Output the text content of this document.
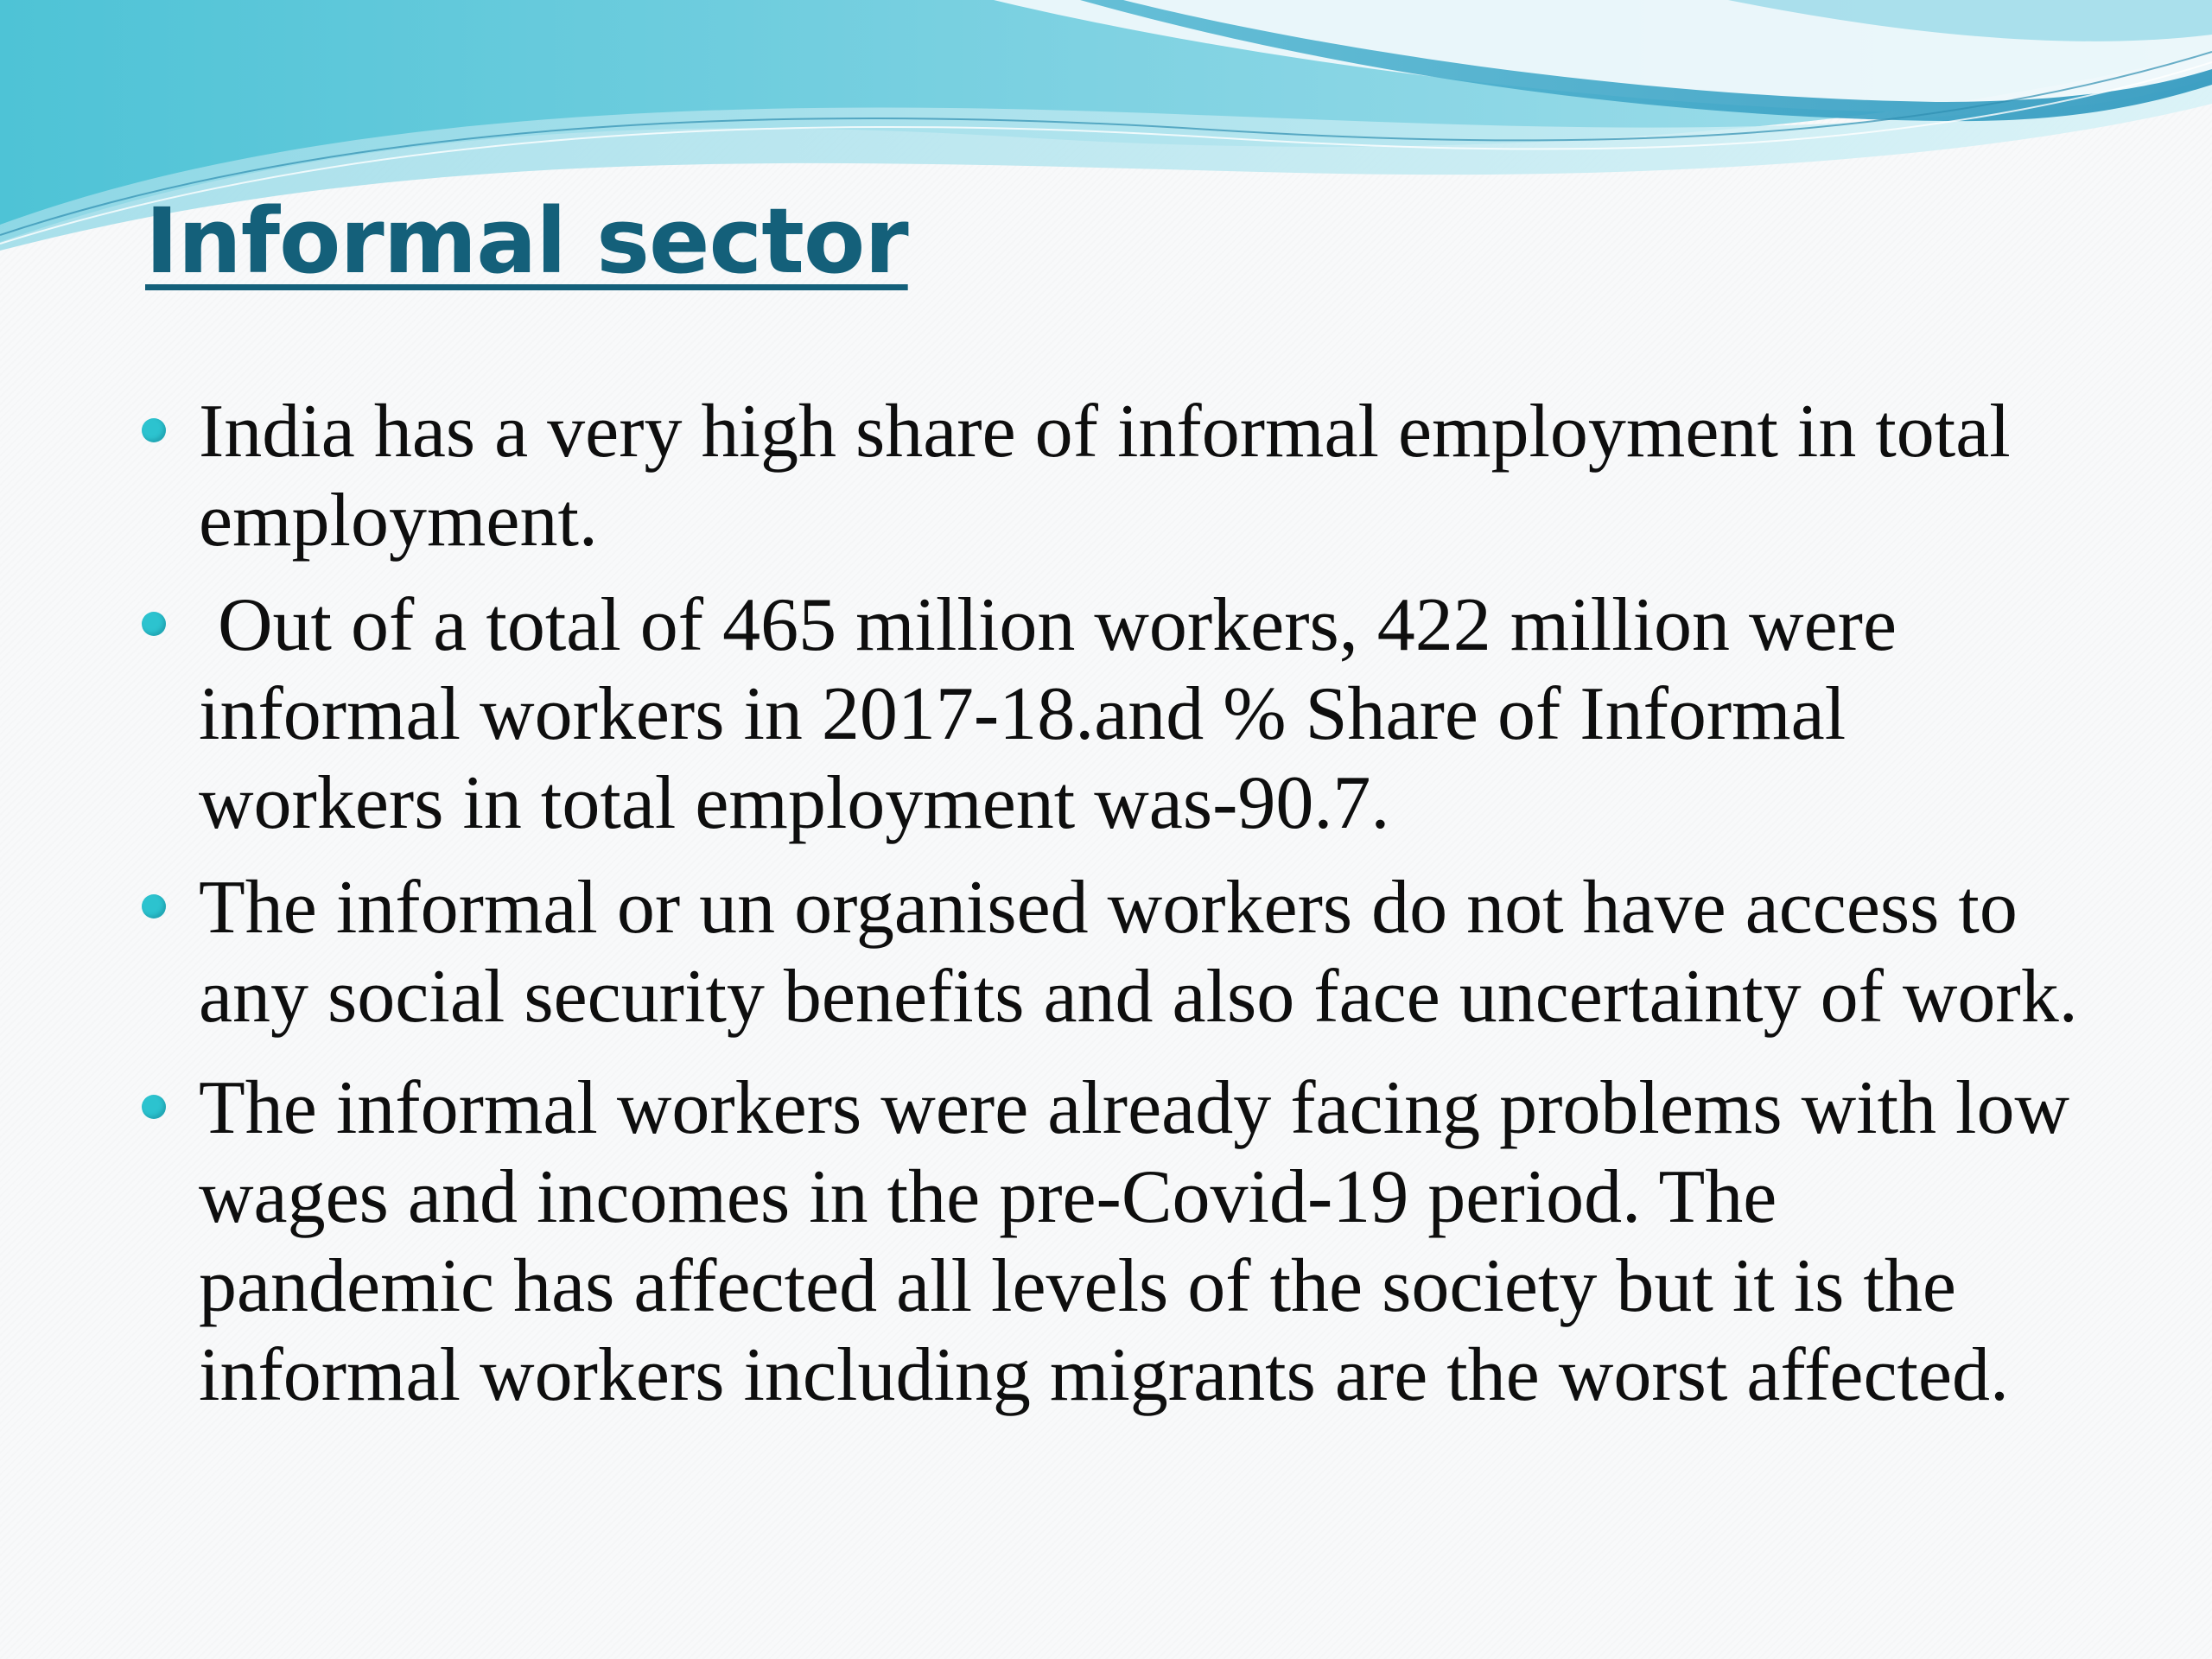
Informal sector
India has a very high share of informal employment in total employment.
Out of a total of 465 million workers, 422 million were informal workers in 2017-18.and % Share of Informal workers in total employment was-90.7.
The informal or un organised workers do not have access to any social security benefits and also face uncertainty of work.
The informal workers were already facing problems with low wages and incomes in the pre-Covid-19 period. The pandemic has affected all levels of the society but it is the informal workers including migrants are the worst affected.
